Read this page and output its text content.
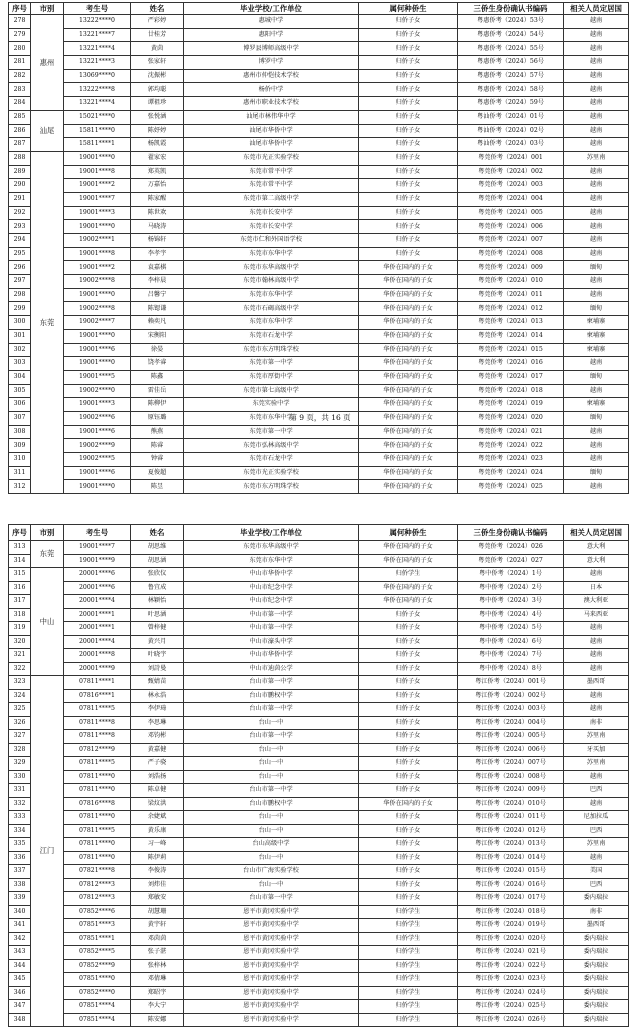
序号	市别	考生号	姓名	毕业学校/工作单位	属何种侨生	三侨生身份确认书编码	相关人员定居国
278	惠州	13222****0	严彩婷	惠城中学	归侨子女	粤惠侨考（2024）53号	越南
279		13221****7	廿桂芳	惠阳中学	归侨子女	粤惠侨考（2024）54号	越南
280		13221****4	黄茵	博罗县博师高级中学	归侨子女	粤惠侨考（2024）55号	越南
281		13221****3	张家轩	博罗中学	归侨子女	粤惠侨考（2024）56号	越南
282		13069****0	沈振彬	惠州市仲恺技术学校	归侨子女	粤惠侨考（2024）57号	越南
283		13222****8	郭均聪	杨侨中学	归侨子女	粤惠侨考（2024）58号	越南
284		13221****4	谭祖珍	惠州市职业技术学校	归侨子女	粤惠侨考（2024）59号	越南
285	汕尾	15021****0	张悦涵	汕尾市林伟华中学	归侨子女	粤汕侨考（2024）01号	越南
286		15811****0	陈妤婷	汕尾市华侨中学	归侨子女	粤汕侨考（2024）02号	越南
287		15811****1	杨凯霞	汕尾市华侨中学	归侨子女	粤汕侨考（2024）03号	越南
288	东莞	19001****0	翟家宏	东莞市光正实验学校	归侨子女	粤莞侨考（2024）001	苏里南
289		19001****8	郑英凯	东莞市常平中学	归侨子女	粤莞侨考（2024）002	越南
290		19001****2	万嘉怡	东莞市常平中学	归侨子女	粤莞侨考（2024）003	越南
291		19001****7	陈家醒	东莞市第二高级中学	归侨子女	粤莞侨考（2024）004	越南
292		19001****3	陈世欢	东莞市长安中学	归侨子女	粤莞侨考（2024）005	越南
293		19001****0	马晓涛	东莞市长安中学	归侨子女	粤莞侨考（2024）006	越南
294		19002****1	杨锦轩	东莞市仁和外国语学校	归侨子女	粤莞侨考（2024）007	越南
295		19001****8	李孝宇	东莞市东华中学	归侨子女	粤莞侨考（2024）008	越南
296		19001****2	袁嘉棋	东莞市东华高级中学	华侨在国内的子女	粤莞侨考（2024）009	缅甸
297		19002****8	李梓晨	东莞市翰林高级中学	华侨在国内的子女	粤莞侨考（2024）010	越南
298		19001****0	吕馨宁	东莞市东华中学	华侨在国内的子女	粤莞侨考（2024）011	越南
299		19002****8	陈锶谦	东莞市石碣高级中学	华侨在国内的子女	粤莞侨考（2024）012	缅甸
300		19002****7	赖奕凡	东莞市东华中学	华侨在国内的子女	粤莞侨考（2024）013	柬埔寨
301		19001****0	宋衡阳	东莞市石龙中学	华侨在国内的子女	粤莞侨考（2024）014	柬埔寨
302		19001****6	徐晏	东莞市东方明珠学校	华侨在国内的子女	粤莞侨考（2024）015	柬埔寨
303		19001****0	饶孝睿	东莞市第一中学	华侨在国内的子女	粤莞侨考（2024）016	越南
304		19001****5	陈鑫	东莞市厚街中学	华侨在国内的子女	粤莞侨考（2024）017	缅甸
305		19002****0	雷佳岳	东莞市第七高级中学	华侨在国内的子女	粤莞侨考（2024）018	越南
306		19001****3	陈柳伊	东莞实验中学	华侨在国内的子女	粤莞侨考（2024）019	柬埔寨
307		19002****6	原钰璐	东莞市东华中学	华侨在国内的子女	粤莞侨考（2024）020	缅甸
308		19001****6	熊燕	东莞市第一中学	华侨在国内的子女	粤莞侨考（2024）021	越南
309		19002****9	陈睿	东莞市弘林高级中学	华侨在国内的子女	粤莞侨考（2024）022	越南
310		19002****5	钟睿	东莞市石龙中学	华侨在国内的子女	粤莞侨考（2024）023	越南
311		19001****6	夏俊超	东莞市光正实验学校	华侨在国内的子女	粤莞侨考（2024）024	缅甸
312		19001****0	陈昱	东莞市东方明珠学校	华侨在国内的子女	粤莞侨考（2024）025	越南
第 9 页，共 16 页
序号	市别	考生号	姓名	毕业学校/工作单位	属何种侨生	三侨生身份确认书编码	相关人员定居国
313	东莞	19001****7	胡思维	东莞市东华高级中学	华侨在国内的子女	粤莞侨考（2024）026	意大利
314		19001****9	胡思涵	东莞市东华中学	华侨在国内的子女	粤莞侨考（2024）027	意大利
315	中山	20001****6	张欣仪	中山市华侨中学	归侨学生	粤中侨考（2024）1号	越南
316		20001****6	鲁宜成	中山市纪念中学	华侨在国内的子女	粤中侨考（2024）2号	日本
317		20001****4	林颖怡	中山市纪念中学	华侨在国内的子女	粤中侨考（2024）3号	澳大利亚
318		20001****1	叶思涵	中山市第一中学	归侨子女	粤中侨考（2024）4号	马来西亚
319		20001****1	曾梓健	中山市第一中学	归侨子女	粤中侨考（2024）5号	越南
320		20001****4	黄兴月	中山市濠头中学	归侨子女	粤中侨考（2024）6号	越南
321		20001****8	叶晓宇	中山市华侨中学	归侨子女	粤中侨考（2024）7号	越南
322		20001****9	刘詩曼	中山市迪茵公学	归侨子女	粤中侨考（2024）8号	越南
323	江门	07811****1	甄婧苗	台山市第一中学	归侨子女	粤江侨考（2024）001号	墨西哥
324		07816****1	林永浩	台山市鹏权中学	归侨子女	粤江侨考（2024）002号	越南
325		07811****5	李伊琦	台山市第一中学	归侨子女	粤江侨考（2024）003号	越南
326		07811****8	李思琳	台山一中	归侨子女	粤江侨考（2024）004号	南非
327		07811****8	邓钧彬	台山市第一中学	归侨子女	粤江侨考（2024）005号	苏里南
328		07812****9	黄嘉健	台山一中	归侨子女	粤江侨考（2024）006号	牙买加
329		07811****5	严子骁	台山一中	归侨子女	粤江侨考（2024）007号	苏里南
330		07811****0	刘浩扬	台山一中	归侨子女	粤江侨考（2024）008号	越南
331		07811****0	陈卓健	台山市第一中学	归侨子女	粤江侨考（2024）009号	巴西
332		07816****8	梁炆洪	台山市鹏权中学	华侨在国内的子女	粤江侨考（2024）010号	越南
333		07811****0	余婕斌	台山一中	归侨子女	粤江侨考（2024）011号	尼加拉瓜
334		07811****5	黄乐康	台山一中	归侨子女	粤江侨考（2024）012号	巴西
335		07811****0	习一峰	台山高级中学	归侨子女	粤江侨考（2024）013号	苏里南
336		07811****0	陈伊莉	台山一中	归侨子女	粤江侨考（2024）014号	越南
337		07821****8	李俊涛	台山市广海实验学校	归侨子女	粤江侨考（2024）015号	美国
338		07812****3	刘炜佳	台山一中	归侨子女	粤江侨考（2024）016号	巴西
339		07812****3	郑敏安	台山市第一中学	归侨子女	粤江侨考（2024）017号	委内瑞拉
340		07852****6	胡慧珊	恩平市黄冈实验中学	归侨学生	粤江侨考（2024）018号	南非
341		07851****3	黄宇轩	恩平市黄冈实验中学	归侨学生	粤江侨考（2024）019号	墨西哥
342		07851****1	邓茵茵	恩平市黄冈实验中学	归侨学生	粤江侨考（2024）020号	委内瑞拉
343		07852****5	张子湛	恩平市黄冈实验中学	归侨学生	粤江侨考（2024）021号	委内瑞拉
344		07852****9	张梓林	恩平市黄冈实验中学	归侨学生	粤江侨考（2024）022号	委内瑞拉
345		07851****0	邓倩琳	恩平市黄冈实验中学	归侨学生	粤江侨考（2024）023号	委内瑞拉
346		07852****0	郑昭宇	恩平市黄冈实验中学	归侨学生	粤江侨考（2024）024号	委内瑞拉
347		07851****4	李大宁	恩平市黄冈实验中学	归侨学生	粤江侨考（2024）025号	委内瑞拉
348		07851****4	陈安娜	恩平市黄冈实验中学	归侨学生	粤江侨考（2024）026号	委内瑞拉
